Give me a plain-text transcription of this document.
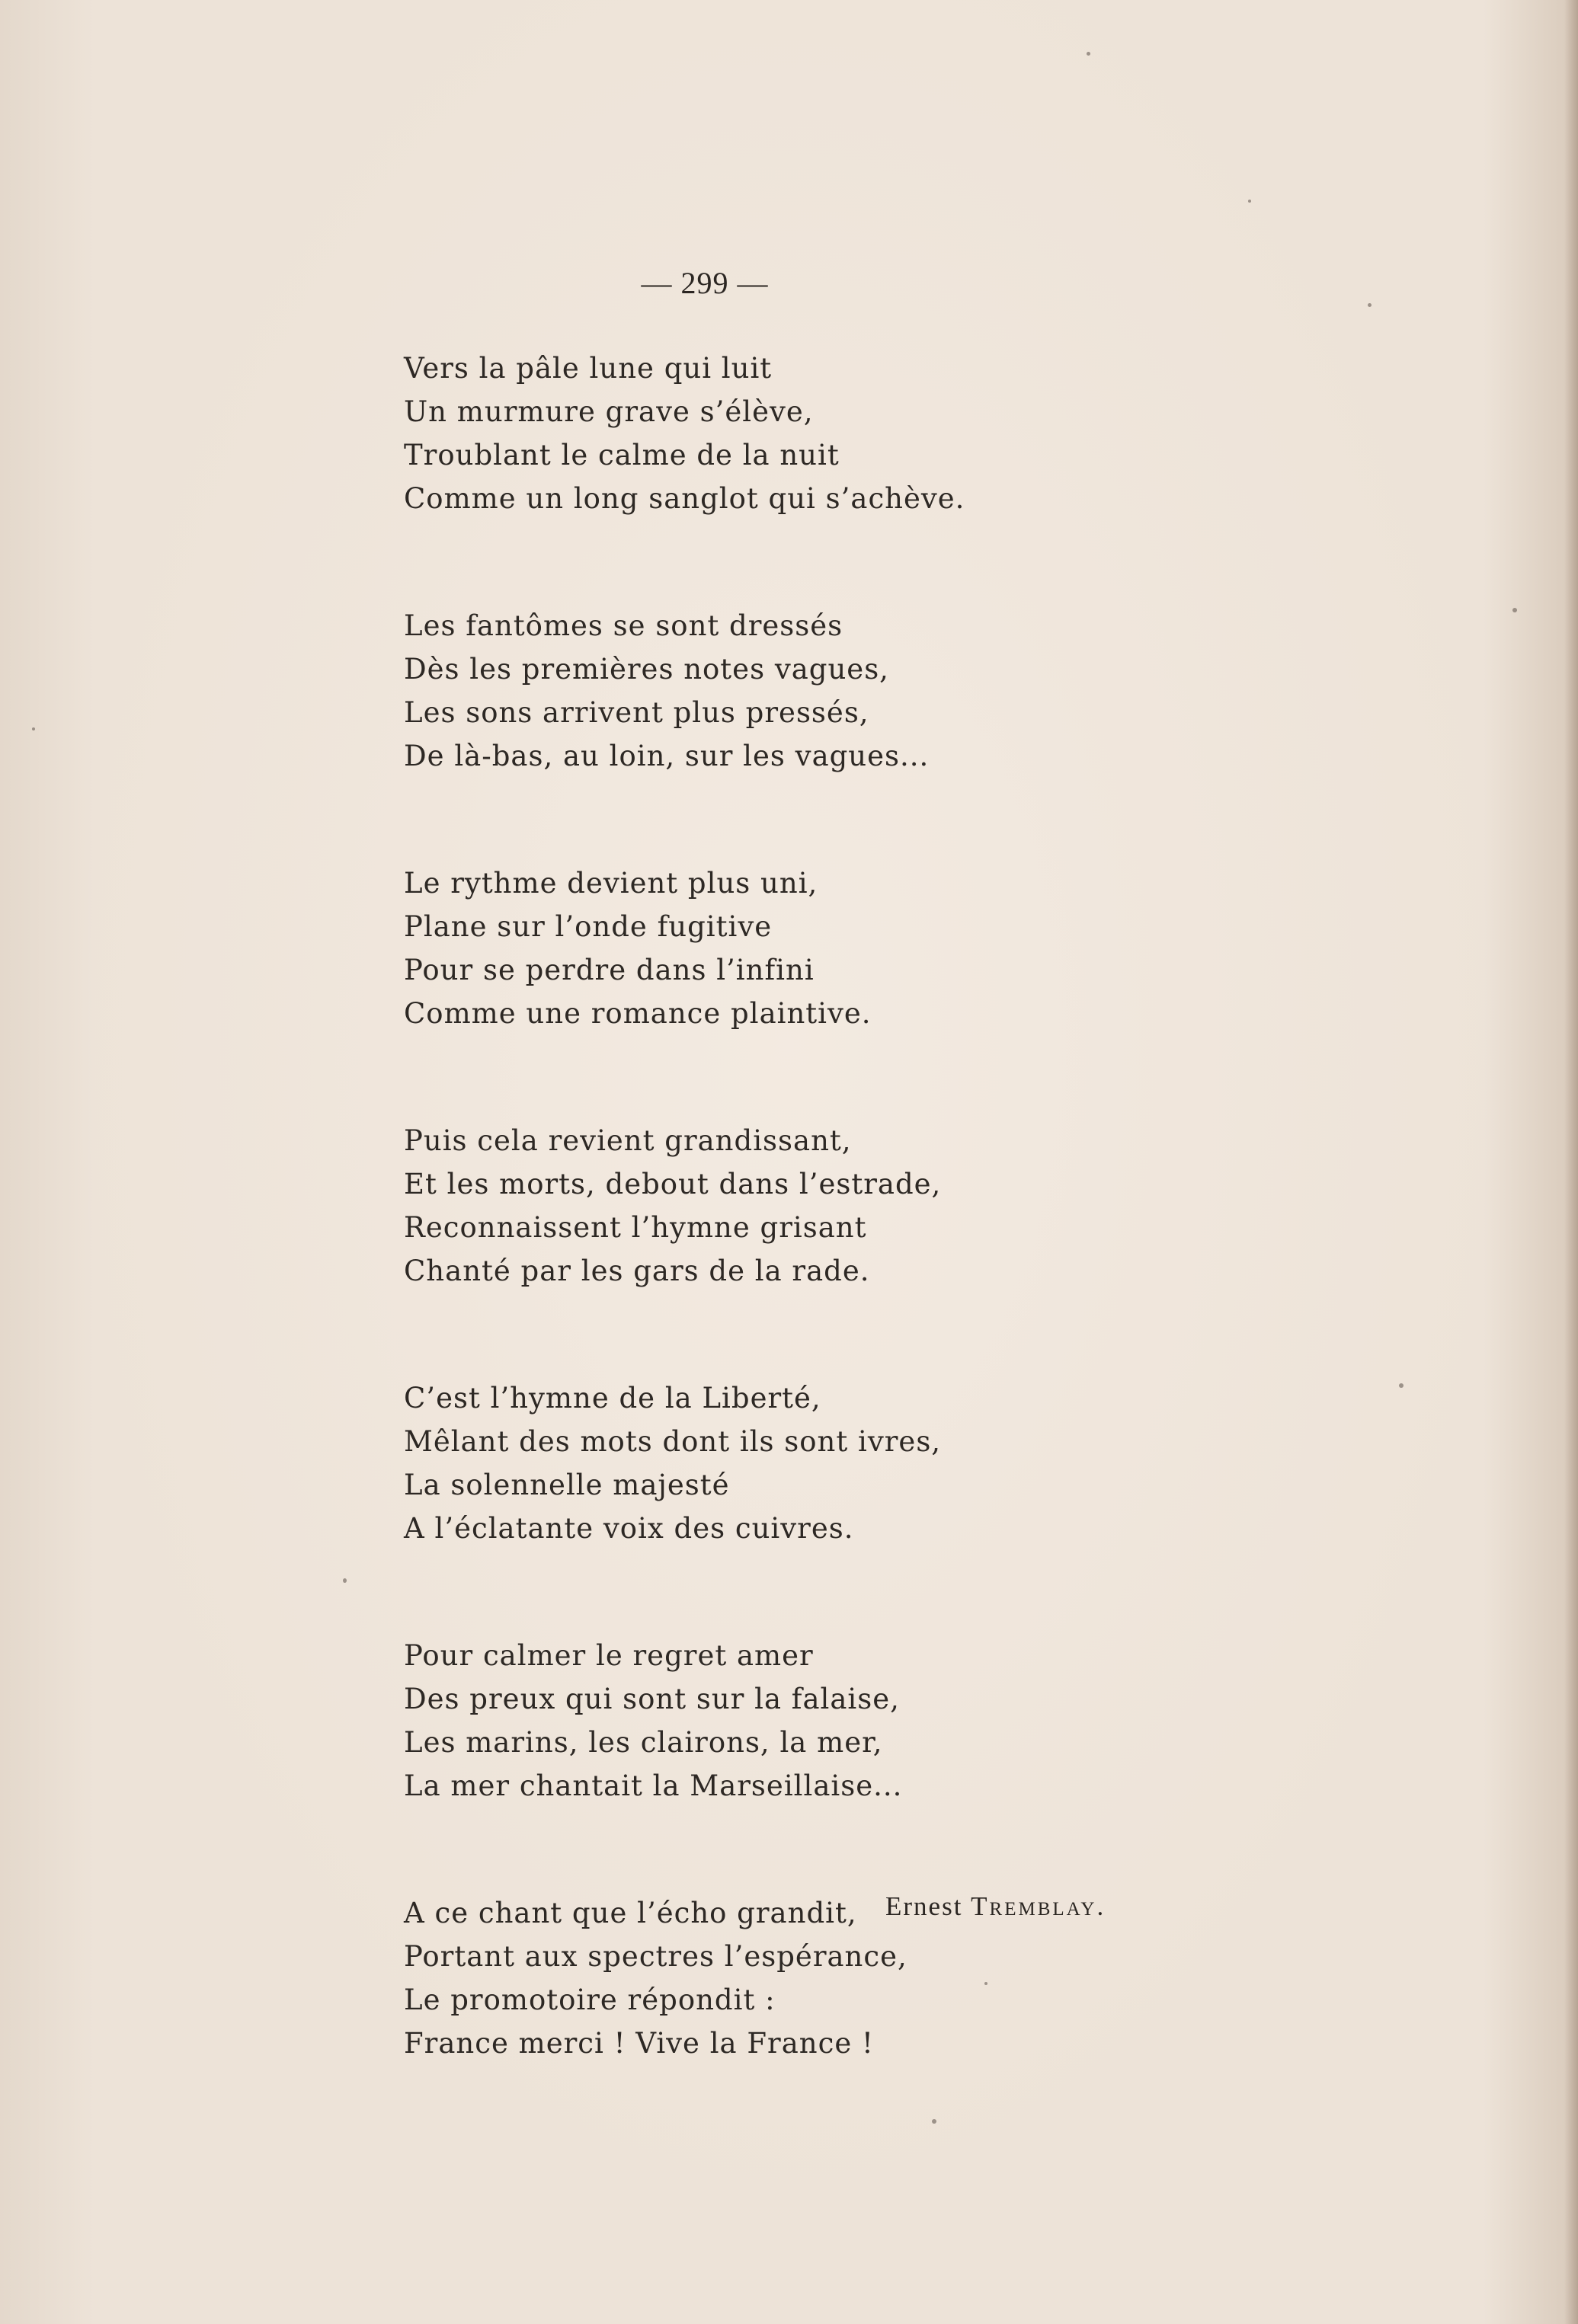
— 299 —
Vers la pâle lune qui luit
Un murmure grave s’élève,
Troublant le calme de la nuit
Comme un long sanglot qui s’achève.
Les fantômes se sont dressés
Dès les premières notes vagues,
Les sons arrivent plus pressés,
De là-bas, au loin, sur les vagues...
Le rythme devient plus uni,
Plane sur l’onde fugitive
Pour se perdre dans l’infini
Comme une romance plaintive.
Puis cela revient grandissant,
Et les morts, debout dans l’estrade,
Reconnaissent l’hymne grisant
Chanté par les gars de la rade.
C’est l’hymne de la Liberté,
Mêlant des mots dont ils sont ivres,
La solennelle majesté
A l’éclatante voix des cuivres.
Pour calmer le regret amer
Des preux qui sont sur la falaise,
Les marins, les clairons, la mer,
La mer chantait la Marseillaise...
A ce chant que l’écho grandit,
Portant aux spectres l’espérance,
Le promotoire répondit :
France merci ! Vive la France !
Ernest Tremblay.
